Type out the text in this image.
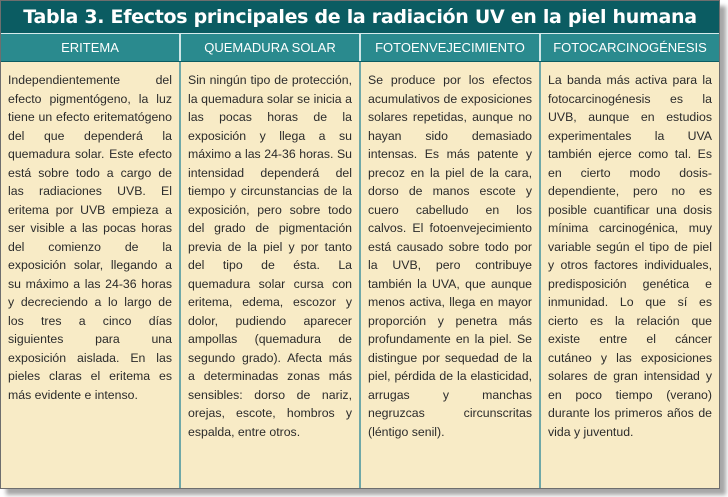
Tabla 3. Efectos principales de la radiación UV en la piel humana
ERITEMA	QUEMADURA SOLAR	FOTOENVEJECIMIENTO	FOTOCARCINOGÉNESIS
Independientemente del efecto pigmentógeno, la luz tiene un efecto eritematógeno del que dependerá la quemadura solar. Este efecto está sobre todo a cargo de las radiaciones UVB. El eritema por UVB empieza a ser visible a las pocas horas del comienzo de la exposición solar, llegando a su máximo a las 24-36 horas y decreciendo a lo largo de los tres a cinco días siguientes para una exposición aislada. En las pieles claras el eritema es más evidente e intenso.
Sin ningún tipo de protección, la quemadura solar se inicia a las pocas horas de la exposición y llega a su máximo a las 24-36 horas. Su intensidad dependerá del tiempo y circunstancias de la exposición, pero sobre todo del grado de pigmentación previa de la piel y por tanto del tipo de ésta. La quemadura solar cursa con eritema, edema, escozor y dolor, pudiendo aparecer ampollas (quemadura de segundo grado). Afecta más a determinadas zonas más sensibles: dorso de nariz, orejas, escote, hombros y espalda, entre otros.
Se produce por los efectos acumulativos de exposiciones solares repetidas, aunque no hayan sido demasiado intensas. Es más patente y precoz en la piel de la cara, dorso de manos escote y cuero cabelludo en los calvos. El fotoenvejecimiento está causado sobre todo por la UVB, pero contribuye también la UVA, que aunque menos activa, llega en mayor proporción y penetra más profundamente en la piel. Se distingue por sequedad de la piel, pérdida de la elasticidad, arrugas y manchas negruzcas circunscritas (léntigo senil).
La banda más activa para la fotocarcinogénesis es la UVB, aunque en estudios experimentales la UVA también ejerce como tal. Es en cierto modo dosis-dependiente, pero no es posible cuantificar una dosis mínima carcinogénica, muy variable según el tipo de piel y otros factores individuales, predisposición genética e inmunidad. Lo que sí es cierto es la relación que existe entre el cáncer cutáneo y las exposiciones solares de gran intensidad y en poco tiempo (verano) durante los primeros años de vida y juventud.
